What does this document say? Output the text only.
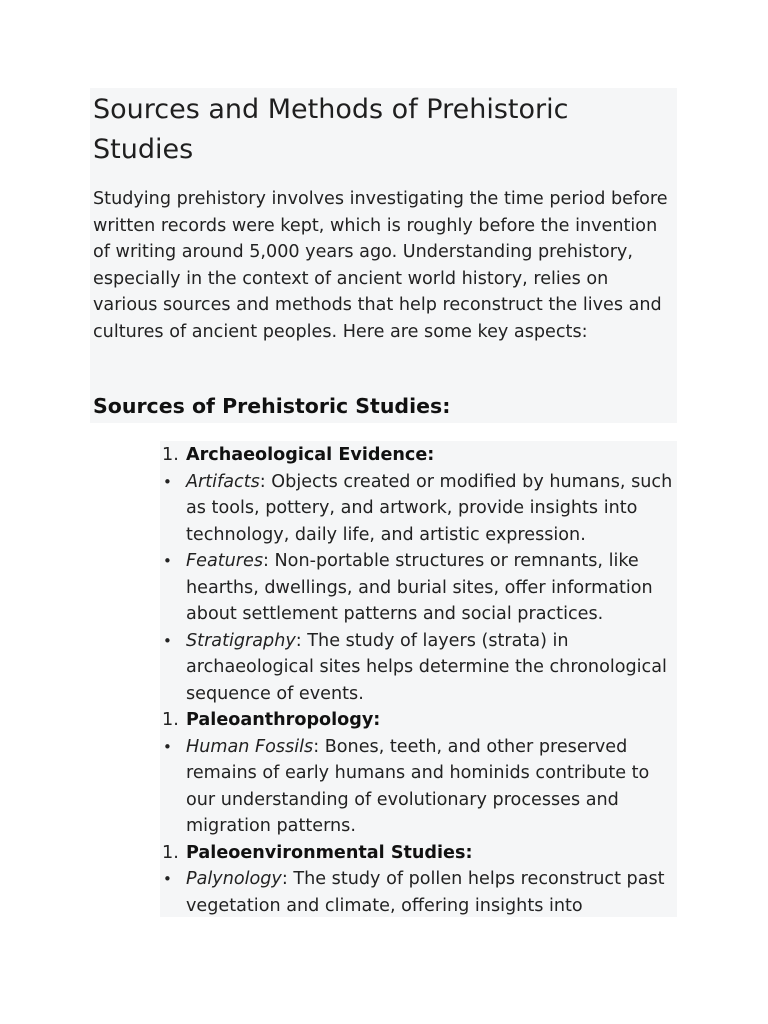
Sources and Methods of Prehistoric Studies

Studying prehistory involves investigating the time period before written records were kept, which is roughly before the invention of writing around 5,000 years ago. Understanding prehistory, especially in the context of ancient world history, relies on various sources and methods that help reconstruct the lives and cultures of ancient peoples. Here are some key aspects:

Sources of Prehistoric Studies:
1. Archaeological Evidence:
• Artifacts: Objects created or modified by humans, such as tools, pottery, and artwork, provide insights into technology, daily life, and artistic expression.
• Features: Non-portable structures or remnants, like hearths, dwellings, and burial sites, offer information about settlement patterns and social practices.
• Stratigraphy: The study of layers (strata) in archaeological sites helps determine the chronological sequence of events.
1. Paleoanthropology:
• Human Fossils: Bones, teeth, and other preserved remains of early humans and hominids contribute to our understanding of evolutionary processes and migration patterns.
1. Paleoenvironmental Studies:
• Palynology: The study of pollen helps reconstruct past vegetation and climate, offering insights into
